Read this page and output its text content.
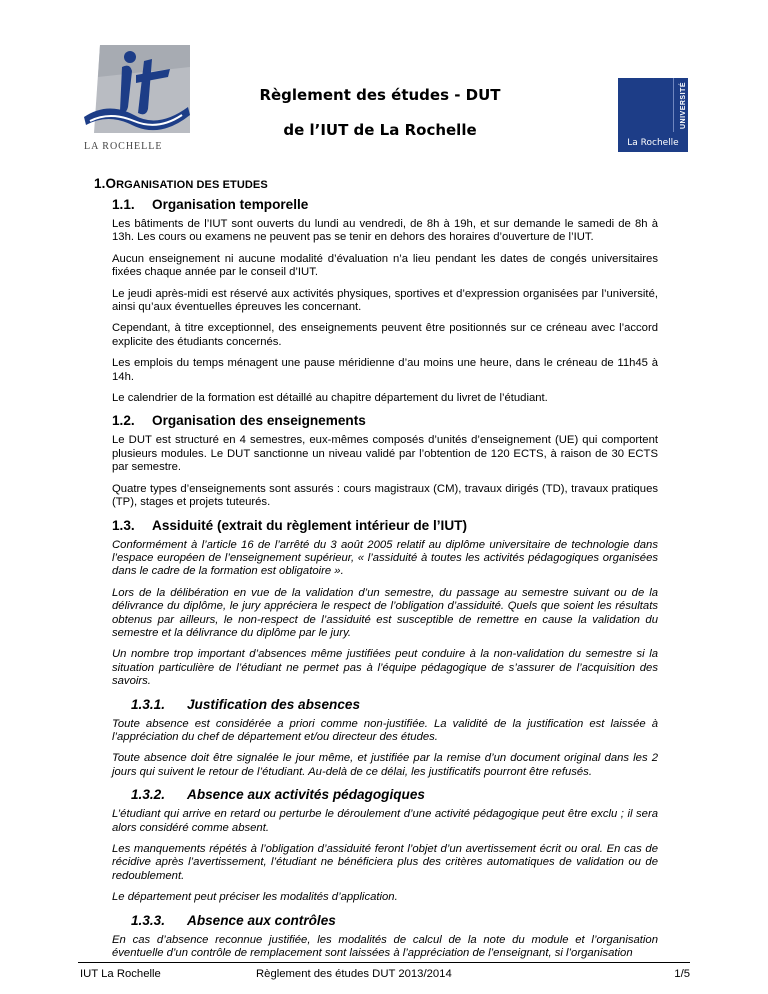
LA ROCHELLE
UNIVERSITÉ
La Rochelle
Règlement des études - DUT
de l’IUT de La Rochelle
1.ORGANISATION DES ETUDES
1.1. Organisation temporelle

Les bâtiments de l’IUT sont ouverts du lundi au vendredi, de 8h à 19h, et sur demande le samedi de 8h à 13h. Les cours ou examens ne peuvent pas se tenir en dehors des horaires d’ouverture de l’IUT.

Aucun enseignement ni aucune modalité d’évaluation n’a lieu pendant les dates de congés universitaires fixées chaque année par le conseil d’IUT.

Le jeudi après-midi est réservé aux activités physiques, sportives et d’expression organisées par l’université, ainsi qu’aux éventuelles épreuves les concernant.

Cependant, à titre exceptionnel, des enseignements peuvent être positionnés sur ce créneau avec l’accord explicite des étudiants concernés.

Les emplois du temps ménagent une pause méridienne d’au moins une heure, dans le créneau de 11h45 à 14h.

Le calendrier de la formation est détaillé au chapitre département du livret de l’étudiant.

1.2. Organisation des enseignements

Le DUT est structuré en 4 semestres, eux-mêmes composés d’unités d’enseignement (UE) qui comportent plusieurs modules. Le DUT sanctionne un niveau validé par l’obtention de 120 ECTS, à raison de 30 ECTS par semestre.

Quatre types d’enseignements sont assurés : cours magistraux (CM), travaux dirigés (TD), travaux pratiques (TP), stages et projets tuteurés.

1.3. Assiduité (extrait du règlement intérieur de l’IUT)

Conformément à l’article 16 de l’arrêté du 3 août 2005 relatif au diplôme universitaire de technologie dans l’espace européen de l’enseignement supérieur, « l’assiduité à toutes les activités pédagogiques organisées dans le cadre de la formation est obligatoire ».

Lors de la délibération en vue de la validation d’un semestre, du passage au semestre suivant ou de la délivrance du diplôme, le jury appréciera le respect de l’obligation d’assiduité. Quels que soient les résultats obtenus par ailleurs, le non-respect de l’assiduité est susceptible de remettre en cause la validation du semestre et la délivrance du diplôme par le jury.

Un nombre trop important d’absences même justifiées peut conduire à la non-validation du semestre si la situation particulière de l’étudiant ne permet pas à l’équipe pédagogique de s’assurer de l’acquisition des savoirs.

1.3.1. Justification des absences

Toute absence est considérée a priori comme non-justifiée. La validité de la justification est laissée à l’appréciation du chef de département et/ou directeur des études.

Toute absence doit être signalée le jour même, et justifiée par la remise d’un document original dans les 2 jours qui suivent le retour de l’étudiant. Au-delà de ce délai, les justificatifs pourront être refusés.

1.3.2. Absence aux activités pédagogiques

L’étudiant qui arrive en retard ou perturbe le déroulement d’une activité pédagogique peut être exclu ; il sera alors considéré comme absent.

Les manquements répétés à l’obligation d’assiduité feront l’objet d’un avertissement écrit ou oral. En cas de récidive après l’avertissement, l’étudiant ne bénéficiera plus des critères automatiques de validation ou de redoublement.

Le département peut préciser les modalités d’application.

1.3.3. Absence aux contrôles

En cas d’absence reconnue justifiée, les modalités de calcul de la note du module et l’organisation éventuelle d’un contrôle de remplacement sont laissées à l’appréciation de l’enseignant, si l’organisation

IUT La Rochelle	Règlement des études DUT 2013/2014	1/5
